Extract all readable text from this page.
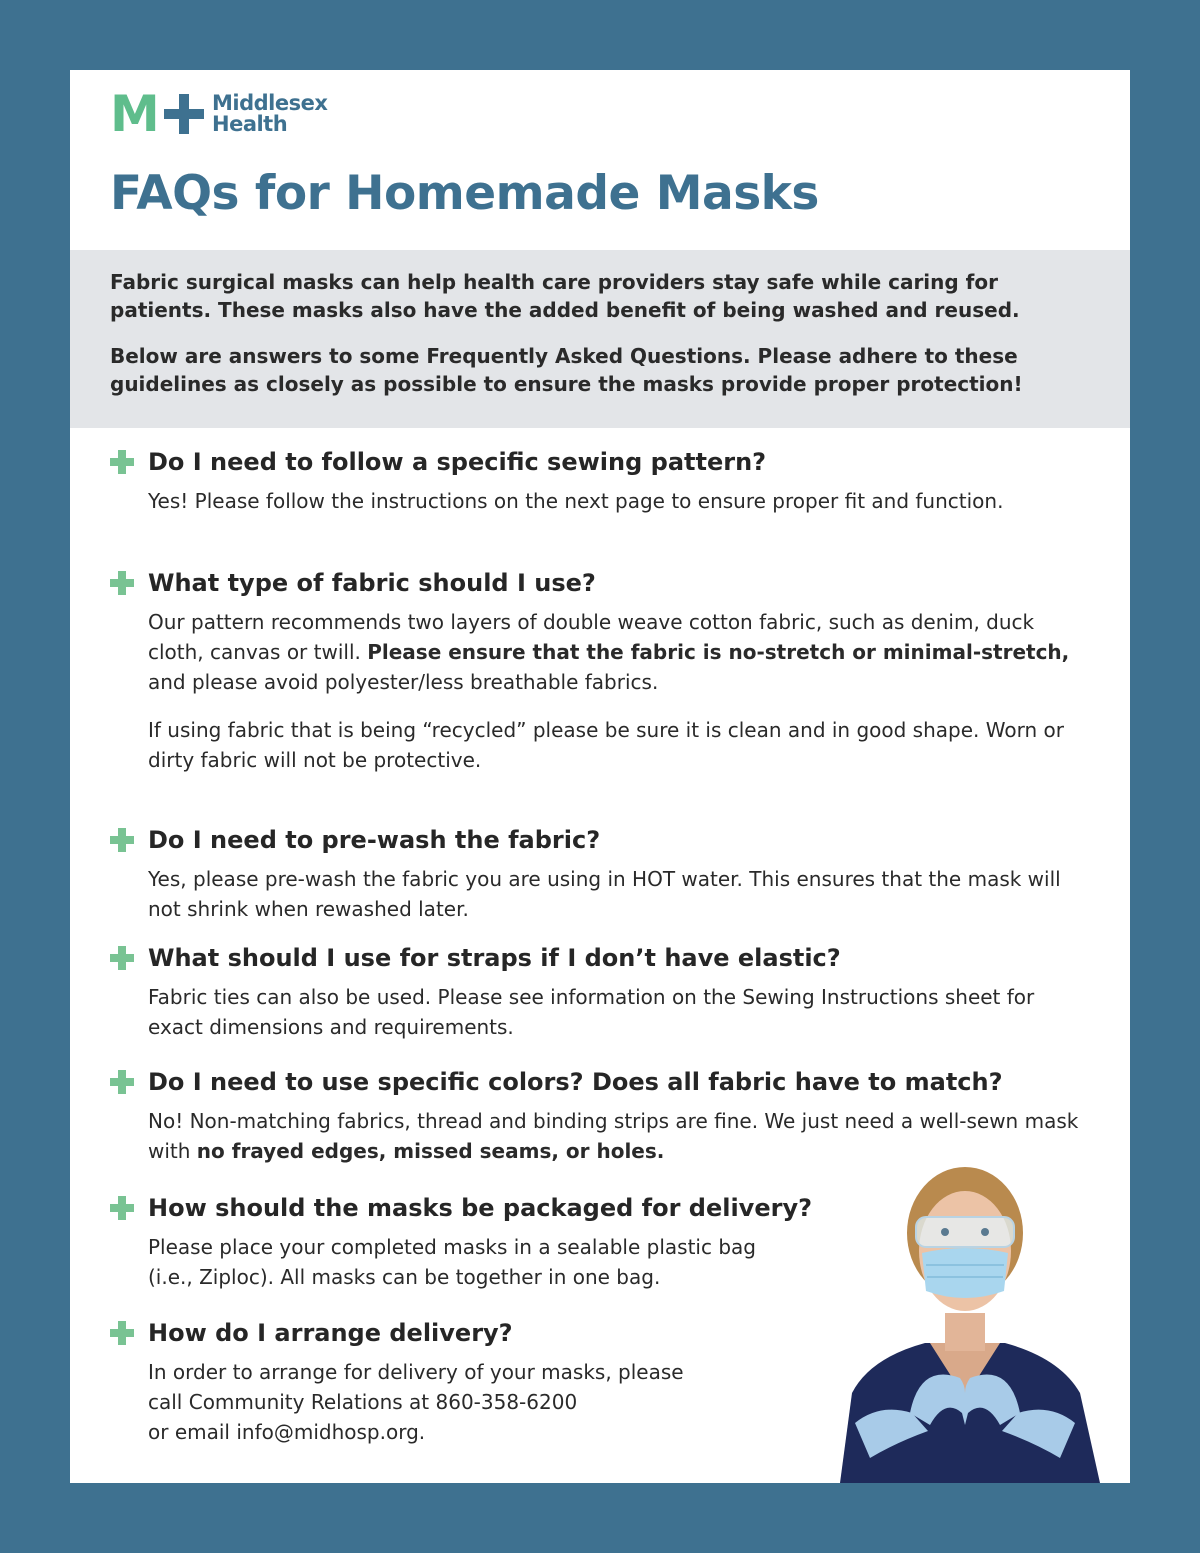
M	Middlesex
Health
FAQs for Homemade Masks

Fabric surgical masks can help health care providers stay safe while caring for patients. These masks also have the added benefit of being washed and reused.

Below are answers to some Frequently Asked Questions. Please adhere to these guidelines as closely as possible to ensure the masks provide proper protection!

Do I need to follow a specific sewing pattern?

Yes! Please follow the instructions on the next page to ensure proper fit and function.

What type of fabric should I use?

Our pattern recommends two layers of double weave cotton fabric, such as denim, duck cloth, canvas or twill. Please ensure that the fabric is no-stretch or minimal-stretch, and please avoid polyester/less breathable fabrics.

If using fabric that is being “recycled” please be sure it is clean and in good shape. Worn or dirty fabric will not be protective.

Do I need to pre-wash the fabric?

Yes, please pre-wash the fabric you are using in HOT water. This ensures that the mask will not shrink when rewashed later.

What should I use for straps if I don’t have elastic?

Fabric ties can also be used. Please see information on the Sewing Instructions sheet for exact dimensions and requirements.

Do I need to use specific colors? Does all fabric have to match?

No! Non-matching fabrics, thread and binding strips are fine. We just need a well-sewn mask with no frayed edges, missed seams, or holes.

How should the masks be packaged for delivery?

Please place your completed masks in a sealable plastic bag
(i.e., Ziploc). All masks can be together in one bag.

How do I arrange delivery?

In order to arrange for delivery of your masks, please
call Community Relations at 860-358-6200
or email info@midhosp.org.
